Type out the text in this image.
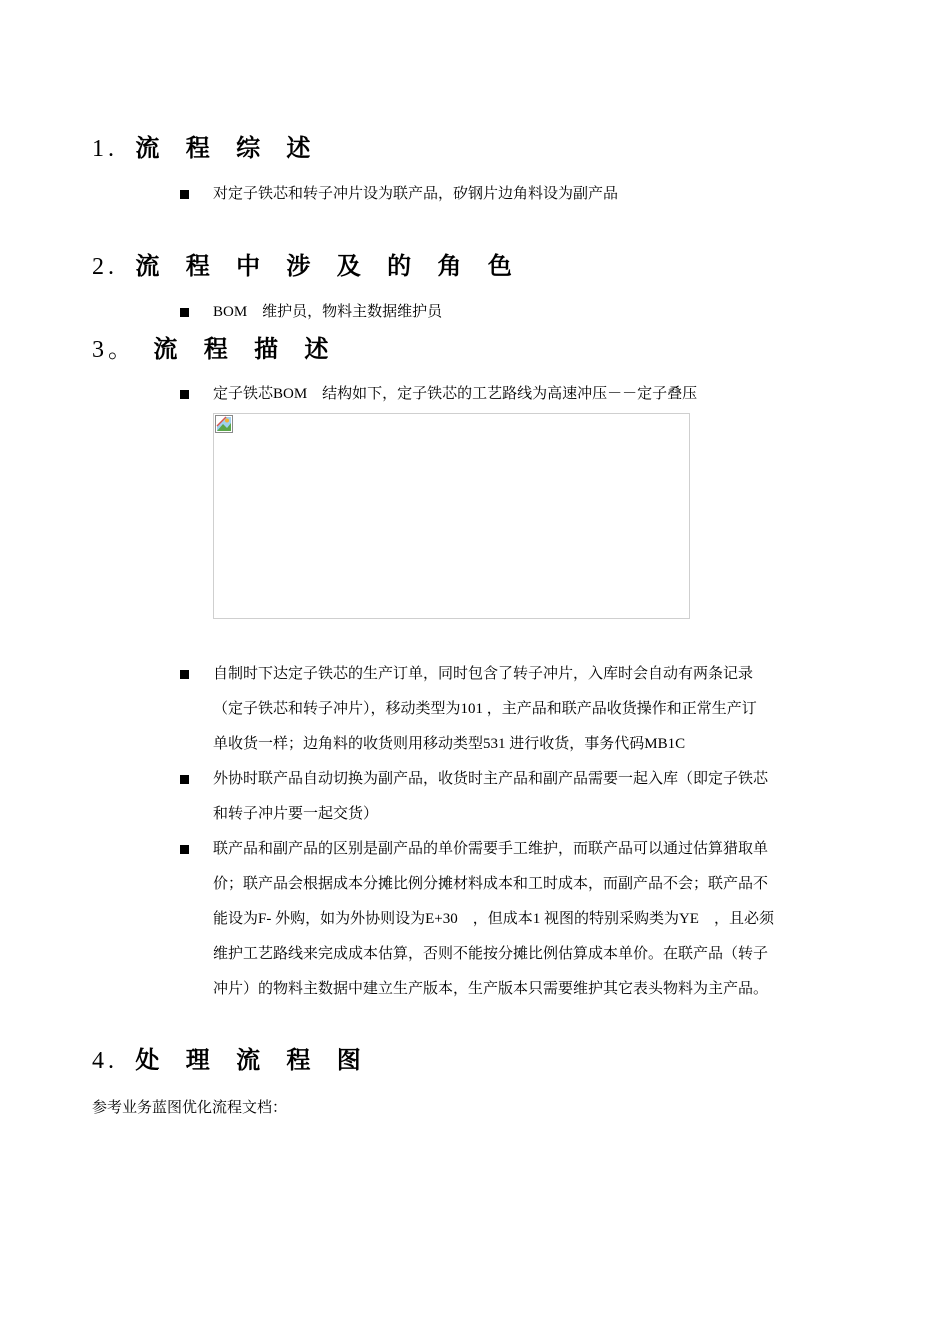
1. 流 程 综 述
对定子铁芯和转子冲片设为联产品，矽钢片边角料设为副产品
2. 流 程 中 涉 及 的 角 色
BOM　维护员，物料主数据维护员
3。 流 程 描 述
定子铁芯BOM　结构如下，定子铁芯的工艺路线为高速冲压－－定子叠压
自制时下达定子铁芯的生产订单，同时包含了转子冲片，入库时会自动有两条记录
（定子铁芯和转子冲片），移动类型为101 ，主产品和联产品收货操作和正常生产订
单收货一样；边角料的收货则用移动类型531 进行收货，事务代码MB1C
外协时联产品自动切换为副产品，收货时主产品和副产品需要一起入库（即定子铁芯
和转子冲片要一起交货）
联产品和副产品的区别是副产品的单价需要手工维护，而联产品可以通过估算猎取单
价；联产品会根据成本分摊比例分摊材料成本和工时成本，而副产品不会；联产品不
能设为F- 外购，如为外协则设为E+30　，但成本1 视图的特别采购类为YE　，且必须
维护工艺路线来完成成本估算，否则不能按分摊比例估算成本单价。在联产品（转子
冲片）的物料主数据中建立生产版本，生产版本只需要维护其它表头物料为主产品。
4. 处 理 流 程 图
参考业务蓝图优化流程文档：
